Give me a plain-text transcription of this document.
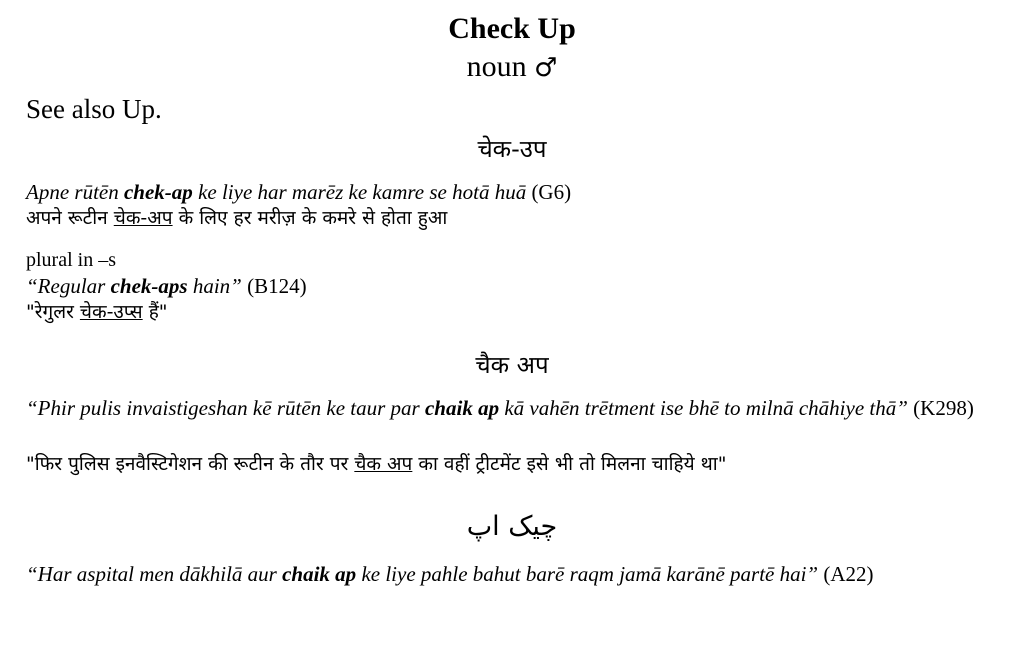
Check Up
noun ♂
See also Up.
चेक-उप
Apne rūtēn chek-ap ke liye har marēz ke kamre se hotā huā (G6)
अपने रूटीन चेक-अप के लिए हर मरीज़ के कमरे से होता हुआ
plural in –s
“Regular chek-aps hain” (B124)
"रेगुलर चेक-उप्स हैं"
चैक अप
“Phir pulis invaistigeshan kē rūtēn ke taur par chaik ap kā vahēn trētment ise bhē to milnā chāhiye thā” (K298)
"फिर पुलिस इनवैस्टिगेशन की रूटीन के तौर पर चैक अप का वहीं ट्रीटमेंट इसे भी तो मिलना चाहिये था"
چیک اپ
“Har aspital men dākhilā aur chaik ap ke liye pahle bahut barē raqm jamā karānē partē hai” (A22)
